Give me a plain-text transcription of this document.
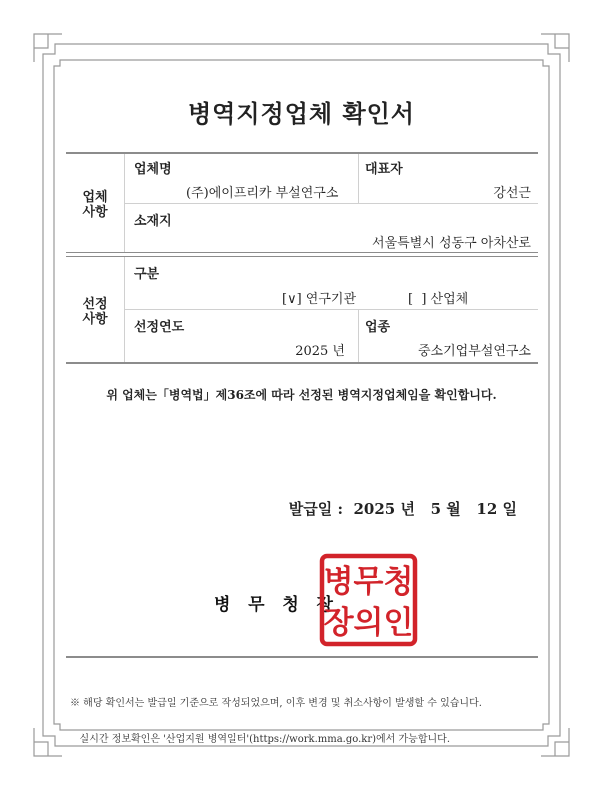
병역지정업체 확인서
업체
사항
업체명
(주)에이프리카 부설연구소
대표자
강선근
소재지
서울특별시 성동구 아차산로
선정
사항
구분
[∨] 연구기관	[  ] 산업체
선정연도
2025 년
업종
중소기업부설연구소
위 업체는「병역법」제36조에 따라 선정된 병역지정업체임을 확인합니다.
발급일 :  2025 년   5 월   12 일
병   무   청   장
병무청
장의인

※ 해당 확인서는 발급일 기준으로 작성되었으며, 이후 변경 및 취소사항이 발생할 수 있습니다.

실시간 정보확인은 '산업지원 병역일터'(https://work.mma.go.kr)에서 가능합니다.
